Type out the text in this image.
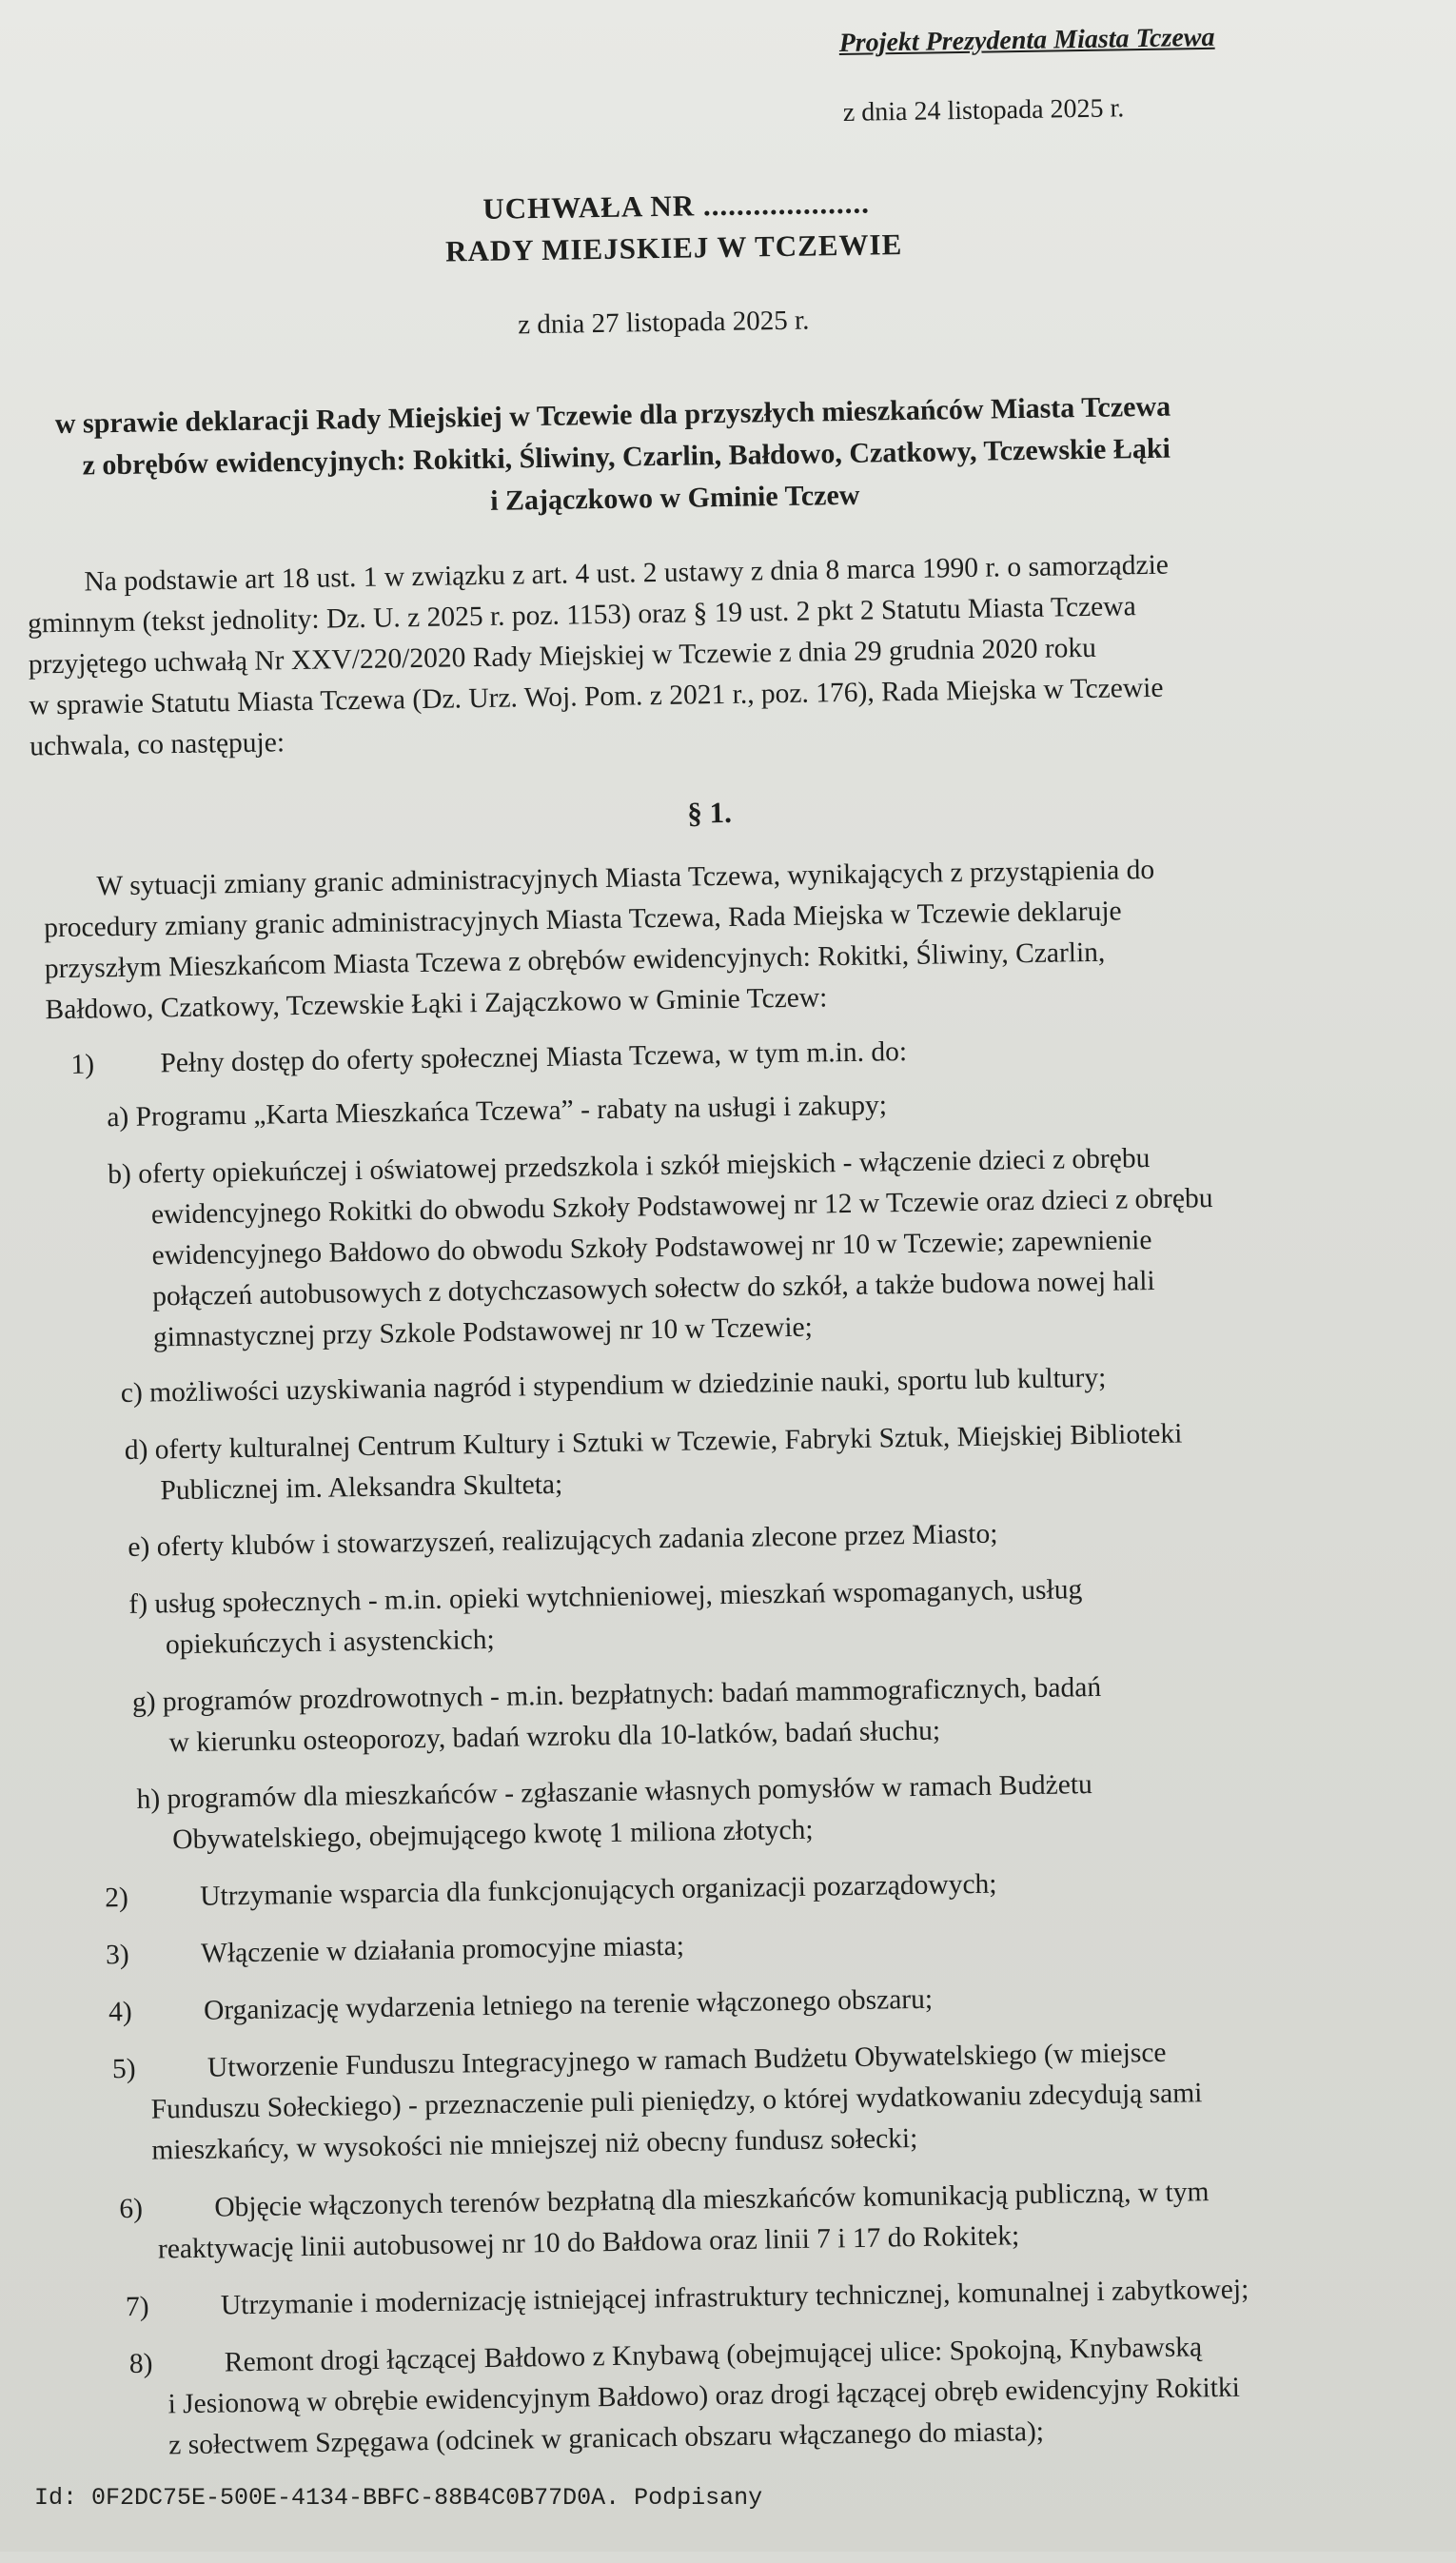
Projekt Prezydenta Miasta Tczewa
z dnia 24 listopada 2025 r.
UCHWAŁA NR ....................
RADY MIEJSKIEJ W TCZEWIE
z dnia 27 listopada 2025 r.
w sprawie deklaracji Rady Miejskiej w Tczewie dla przyszłych mieszkańców Miasta Tczewa
z obrębów ewidencyjnych: Rokitki, Śliwiny, Czarlin, Bałdowo, Czatkowy, Tczewskie Łąki
i Zajączkowo w Gminie Tczew
Na podstawie art 18 ust. 1 w związku z art. 4 ust. 2 ustawy z dnia 8 marca 1990 r. o samorządzie
gminnym (tekst jednolity: Dz. U. z 2025 r. poz. 1153) oraz § 19 ust. 2 pkt 2 Statutu Miasta Tczewa
przyjętego uchwałą Nr XXV/220/2020 Rady Miejskiej w Tczewie z dnia 29 grudnia 2020 roku
w sprawie Statutu Miasta Tczewa (Dz. Urz. Woj. Pom. z 2021 r., poz. 176), Rada Miejska w Tczewie
uchwala, co następuje:
§ 1.
W sytuacji zmiany granic administracyjnych Miasta Tczewa, wynikających z przystąpienia do
procedury zmiany granic administracyjnych Miasta Tczewa, Rada Miejska w Tczewie deklaruje
przyszłym Mieszkańcom Miasta Tczewa z obrębów ewidencyjnych: Rokitki, Śliwiny, Czarlin,
Bałdowo, Czatkowy, Tczewskie Łąki i Zajączkowo w Gminie Tczew:
1) Pełny dostęp do oferty społecznej Miasta Tczewa, w tym m.in. do:
a) Programu „Karta Mieszkańca Tczewa” - rabaty na usługi i zakupy;
b) oferty opiekuńczej i oświatowej przedszkola i szkół miejskich - włączenie dzieci z obrębu
ewidencyjnego Rokitki do obwodu Szkoły Podstawowej nr 12 w Tczewie oraz dzieci z obrębu
ewidencyjnego Bałdowo do obwodu Szkoły Podstawowej nr 10 w Tczewie; zapewnienie
połączeń autobusowych z dotychczasowych sołectw do szkół, a także budowa nowej hali
gimnastycznej przy Szkole Podstawowej nr 10 w Tczewie;
c) możliwości uzyskiwania nagród i stypendium w dziedzinie nauki, sportu lub kultury;
d) oferty kulturalnej Centrum Kultury i Sztuki w Tczewie, Fabryki Sztuk, Miejskiej Biblioteki
Publicznej im. Aleksandra Skulteta;
e) oferty klubów i stowarzyszeń, realizujących zadania zlecone przez Miasto;
f) usług społecznych - m.in. opieki wytchnieniowej, mieszkań wspomaganych, usług
opiekuńczych i asystenckich;
g) programów prozdrowotnych - m.in. bezpłatnych: badań mammograficznych, badań
w kierunku osteoporozy, badań wzroku dla 10-latków, badań słuchu;
h) programów dla mieszkańców - zgłaszanie własnych pomysłów w ramach Budżetu
Obywatelskiego, obejmującego kwotę 1 miliona złotych;
2)	Utrzymanie wsparcia dla funkcjonujących organizacji pozarządowych;
3)	Włączenie w działania promocyjne miasta;
4)	Organizację wydarzenia letniego na terenie włączonego obszaru;
5)	Utworzenie Funduszu Integracyjnego w ramach Budżetu Obywatelskiego (w miejsce
Funduszu Sołeckiego) - przeznaczenie puli pieniędzy, o której wydatkowaniu zdecydują sami
mieszkańcy, w wysokości nie mniejszej niż obecny fundusz sołecki;
6)	Objęcie włączonych terenów bezpłatną dla mieszkańców komunikacją publiczną, w tym
reaktywację linii autobusowej nr 10 do Bałdowa oraz linii 7 i 17 do Rokitek;
7)	Utrzymanie i modernizację istniejącej infrastruktury technicznej, komunalnej i zabytkowej;
8)	Remont drogi łączącej Bałdowo z Knybawą (obejmującej ulice: Spokojną, Knybawską
i Jesionową w obrębie ewidencyjnym Bałdowo) oraz drogi łączącej obręb ewidencyjny Rokitki
z sołectwem Szpęgawa (odcinek w granicach obszaru włączanego do miasta);
Id: 0F2DC75E-500E-4134-BBFC-88B4C0B77D0A. Podpisany
